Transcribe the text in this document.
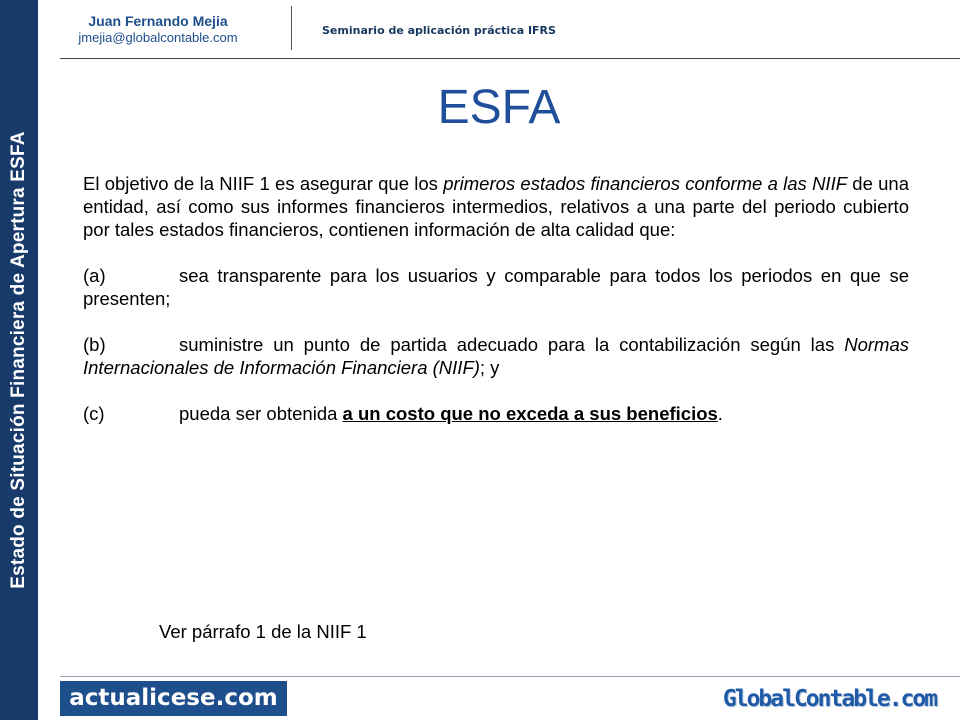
Estado de Situación Financiera de Apertura ESFA
Juan Fernando Mejia
jmejia@globalcontable.com	Seminario de aplicación práctica IFRS
ESFA

El objetivo de la NIIF 1 es asegurar que los primeros estados financieros conforme a las NIIF de una entidad, así como sus informes financieros intermedios, relativos a una parte del periodo cubierto por tales estados financieros, contienen información de alta calidad que:

(a)	sea transparente para los usuarios y comparable para todos los periodos en que se presenten;

(b)	suministre un punto de partida adecuado para la contabilización según las Normas Internacionales de Información Financiera (NIIF); y

(c)	pueda ser obtenida a un costo que no exceda a sus beneficios.

Ver párrafo 1 de la NIIF 1
actualicese.com	GlobalContable.com
